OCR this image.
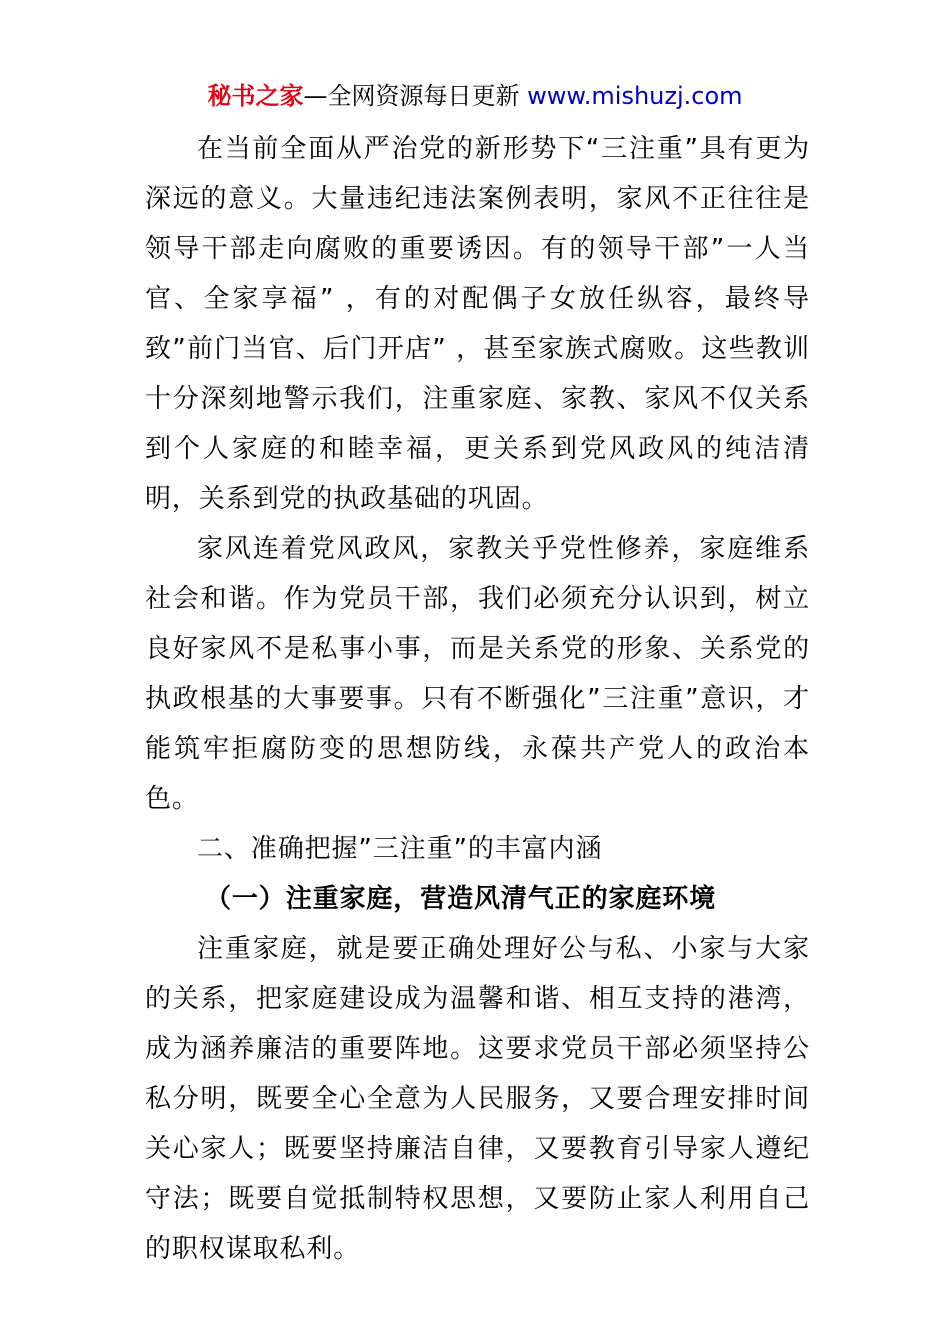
秘书之家—全网资源每日更新 www.mishuzj.com

在当前全面从严治党的新形势下“三注重”具有更为深远的意义。大量违纪违法案例表明，家风不正往往是领导干部走向腐败的重要诱因。有的领导干部”一人当官、全家享福” ，有的对配偶子女放任纵容，最终导致”前门当官、后门开店” ，甚至家族式腐败。这些教训十分深刻地警示我们，注重家庭、家教、家风不仅关系到个人家庭的和睦幸福，更关系到党风政风的纯洁清明，关系到党的执政基础的巩固。

家风连着党风政风，家教关乎党性修养，家庭维系社会和谐。作为党员干部，我们必须充分认识到，树立良好家风不是私事小事，而是关系党的形象、关系党的执政根基的大事要事。只有不断强化”三注重”意识，才能筑牢拒腐防变的思想防线，永葆共产党人的政治本色。

二、准确把握”三注重”的丰富内涵

（一）注重家庭，营造风清气正的家庭环境

注重家庭，就是要正确处理好公与私、小家与大家的关系，把家庭建设成为温馨和谐、相互支持的港湾，成为涵养廉洁的重要阵地。这要求党员干部必须坚持公私分明，既要全心全意为人民服务，又要合理安排时间关心家人；既要坚持廉洁自律，又要教育引导家人遵纪守法；既要自觉抵制特权思想，又要防止家人利用自己的职权谋取私利。
